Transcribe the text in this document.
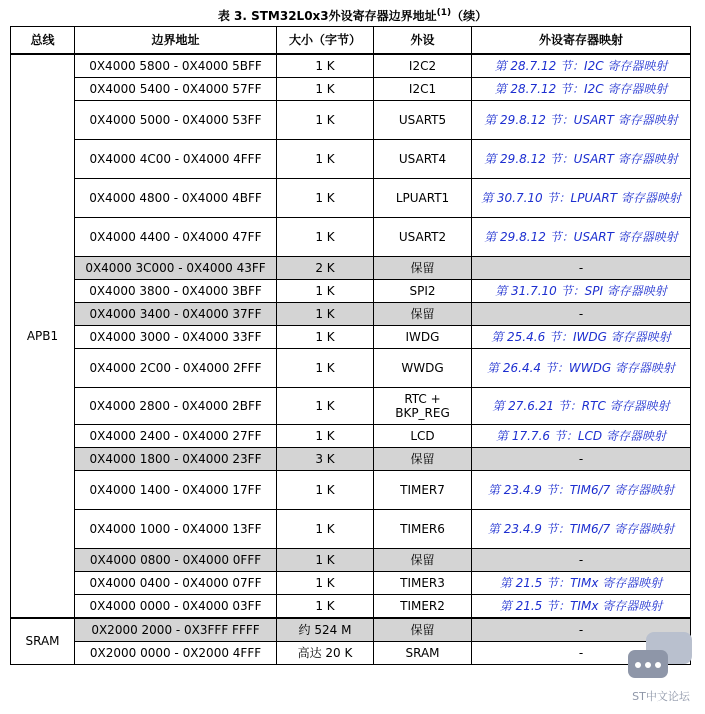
表 3. STM32L0x3外设寄存器边界地址$^{(1)}$（续）
总线	边界地址	大小（字节）	外设	外设寄存器映射
APB1	0X4000 5800 - 0X4000 5BFF	1 K	I2C2	第 28.7.12 节：I2C 寄存器映射
	0X4000 5400 - 0X4000 57FF	1 K	I2C1	第 28.7.12 节：I2C 寄存器映射
	0X4000 5000 - 0X4000 53FF	1 K	USART5	第 29.8.12 节：USART 寄存器映射
	0X4000 4C00 - 0X4000 4FFF	1 K	USART4	第 29.8.12 节：USART 寄存器映射
	0X4000 4800 - 0X4000 4BFF	1 K	LPUART1	第 30.7.10 节：LPUART 寄存器映射
	0X4000 4400 - 0X4000 47FF	1 K	USART2	第 29.8.12 节：USART 寄存器映射
	0X4000 3C000 - 0X4000 43FF	2 K	保留	-
	0X4000 3800 - 0X4000 3BFF	1 K	SPI2	第 31.7.10 节：SPI 寄存器映射
	0X4000 3400 - 0X4000 37FF	1 K	保留	-
	0X4000 3000 - 0X4000 33FF	1 K	IWDG	第 25.4.6 节：IWDG 寄存器映射
	0X4000 2C00 - 0X4000 2FFF	1 K	WWDG	第 26.4.4 节：WWDG 寄存器映射
	0X4000 2800 - 0X4000 2BFF	1 K	RTC + BKP_REG	第 27.6.21 节：RTC 寄存器映射
	0X4000 2400 - 0X4000 27FF	1 K	LCD	第 17.7.6 节：LCD 寄存器映射
	0X4000 1800 - 0X4000 23FF	3 K	保留	-
	0X4000 1400 - 0X4000 17FF	1 K	TIMER7	第 23.4.9 节：TIM6/7 寄存器映射
	0X4000 1000 - 0X4000 13FF	1 K	TIMER6	第 23.4.9 节：TIM6/7 寄存器映射
	0X4000 0800 - 0X4000 0FFF	1 K	保留	-
	0X4000 0400 - 0X4000 07FF	1 K	TIMER3	第 21.5 节：TIMx 寄存器映射
	0X4000 0000 - 0X4000 03FF	1 K	TIMER2	第 21.5 节：TIMx 寄存器映射
SRAM	0X2000 2000 - 0X3FFF FFFF	约 524 M	保留	-
	0X2000 0000 - 0X2000 4FFF	高达 20 K	SRAM	-
ST中文论坛
